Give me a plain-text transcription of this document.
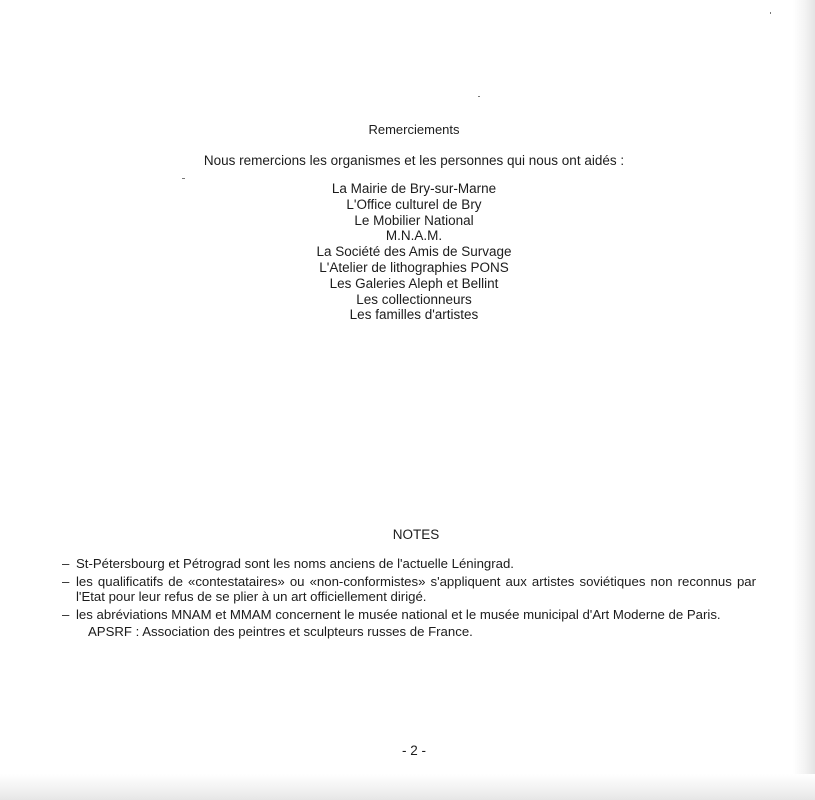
Remerciements
Nous remercions les organismes et les personnes qui nous ont aidés :
La Mairie de Bry-sur-Marne
L'Office culturel de Bry
Le Mobilier National
M.N.A.M.
La Société des Amis de Survage
L'Atelier de lithographies PONS
Les Galeries Aleph et Bellint
Les collectionneurs
Les familles d'artistes
NOTES
– St-Pétersbourg et Pétrograd sont les noms anciens de l'actuelle Léningrad.
– les qualificatifs de «contestataires» ou «non-conformistes» s'appliquent aux artistes soviétiques non reconnus par l'Etat pour leur refus de se plier à un art officiellement dirigé.
– les abréviations MNAM et MMAM concernent le musée national et le musée municipal d'Art Moderne de Paris.
APSRF : Association des peintres et sculpteurs russes de France.
- 2 -
